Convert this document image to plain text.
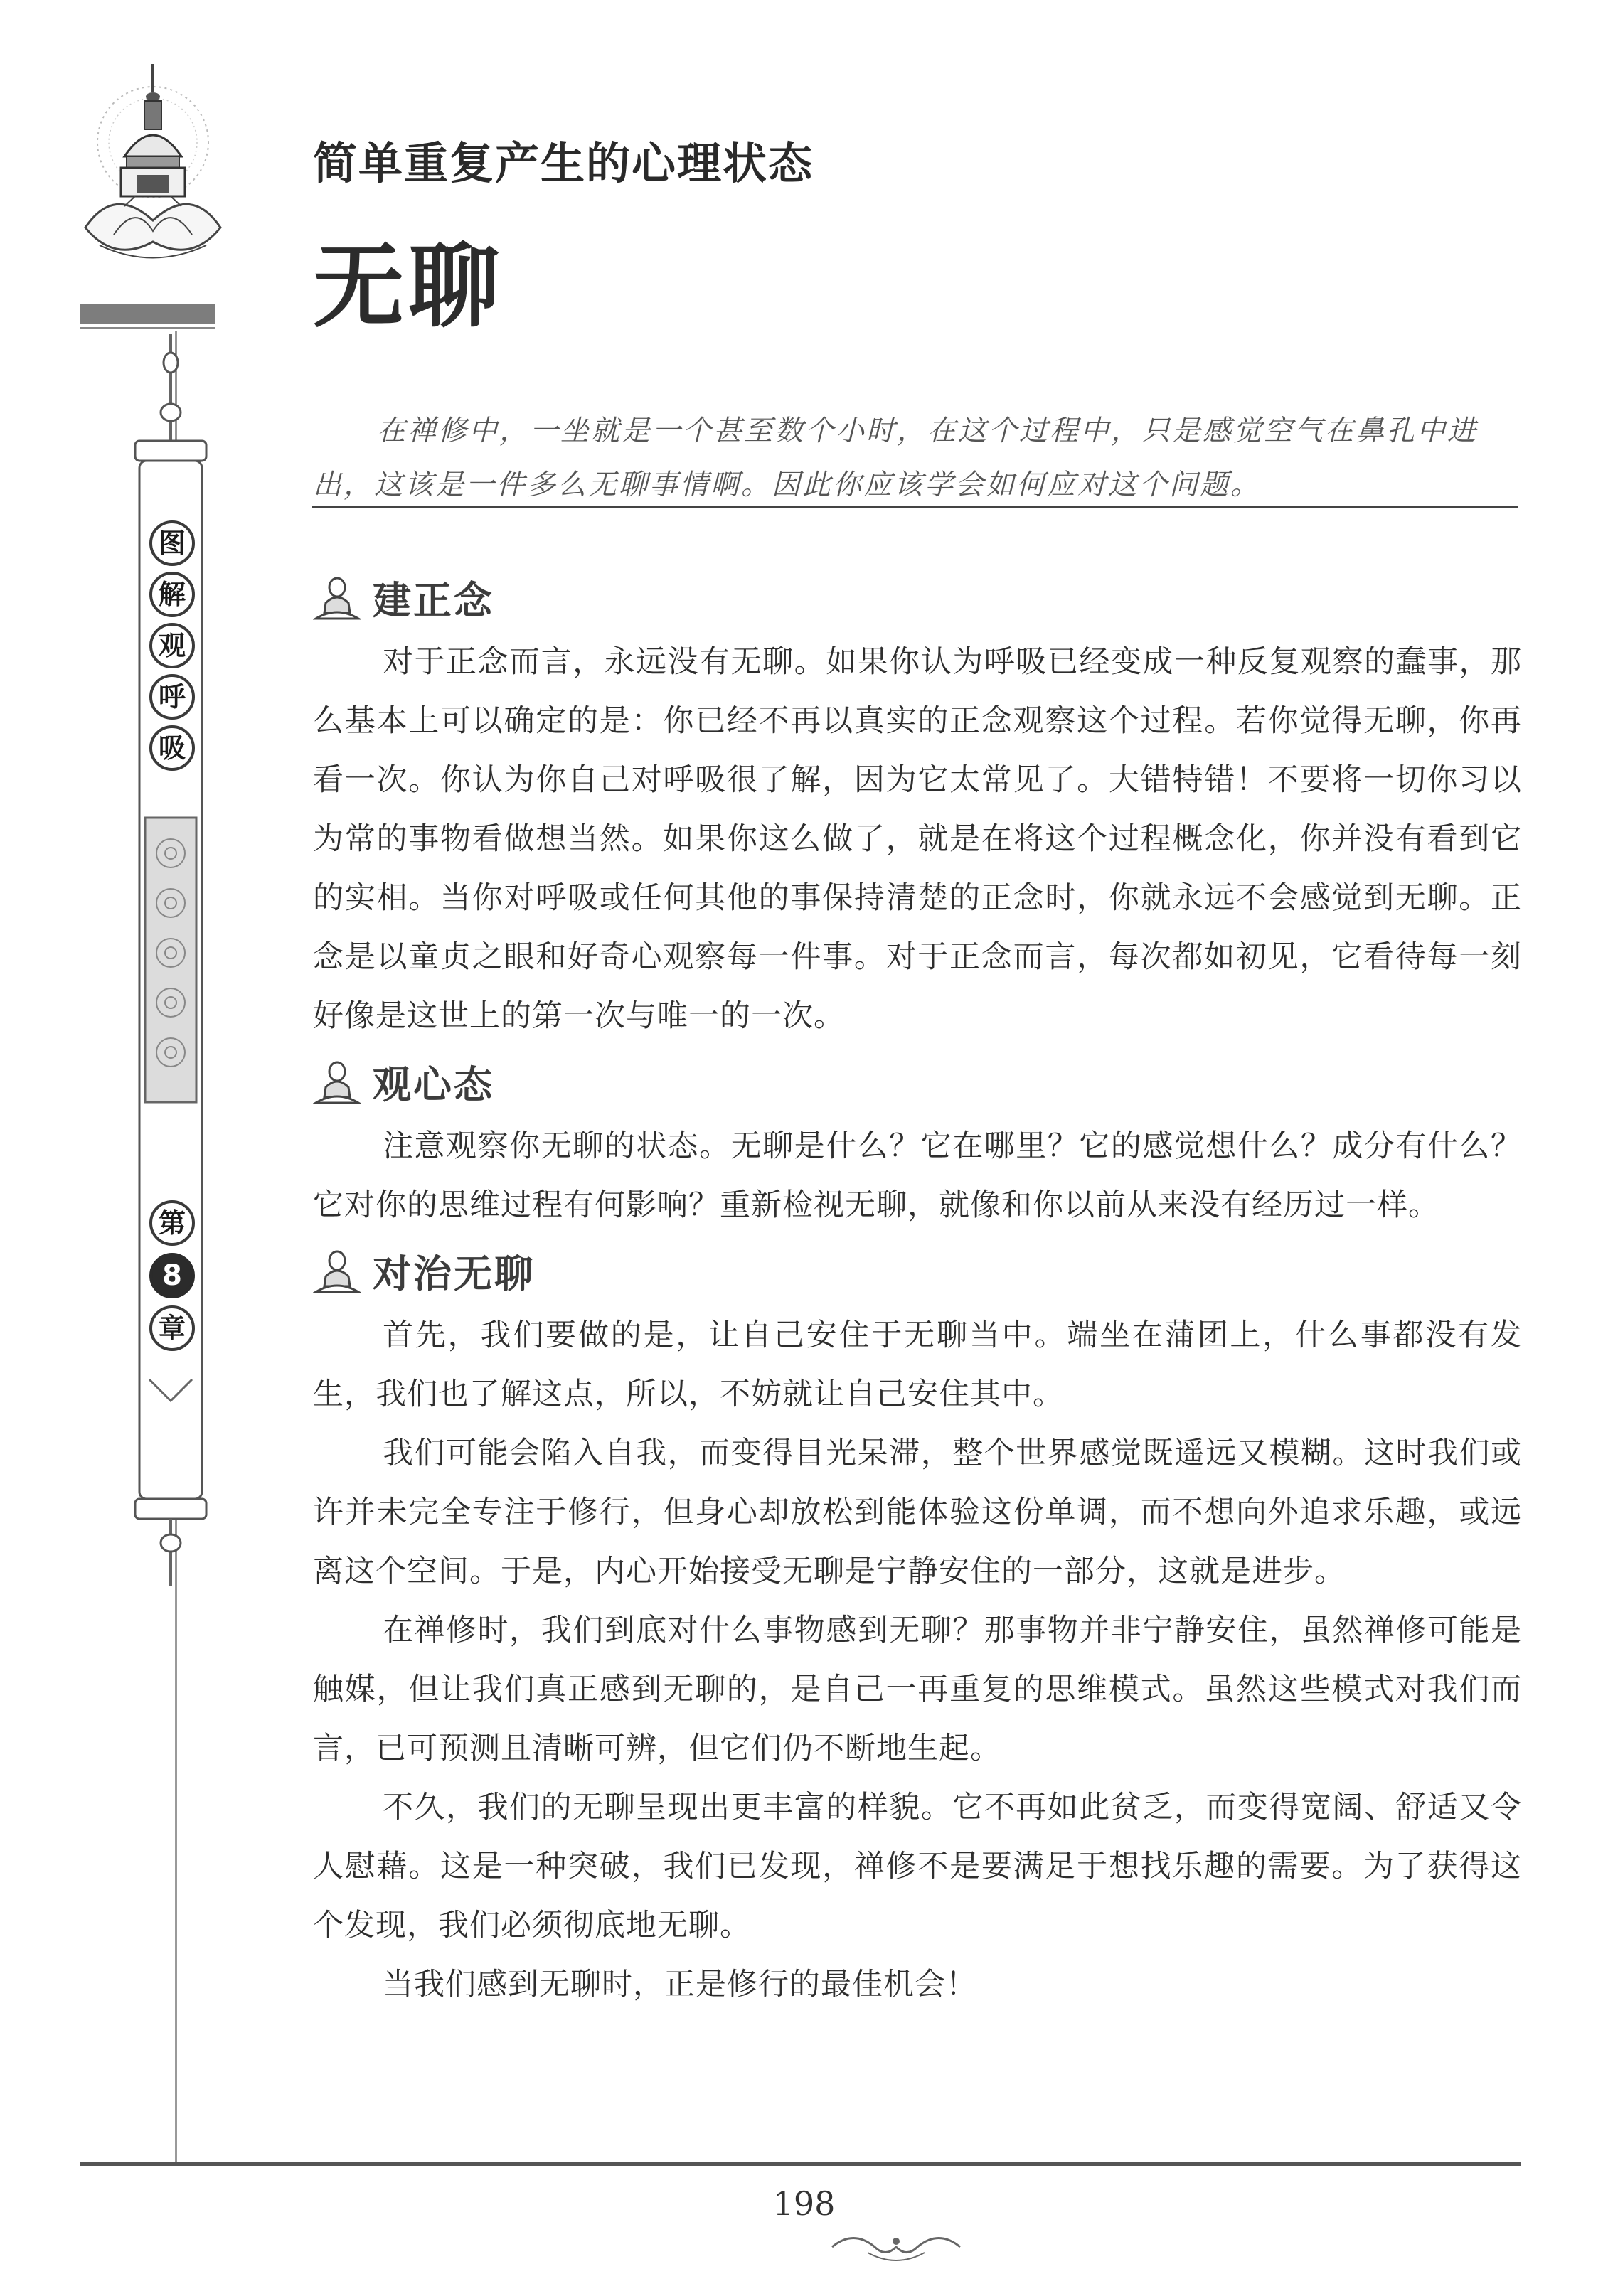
图
解
观
呼
吸
第
8
章
简单重复产生的心理状态
无聊

在禅修中，一坐就是一个甚至数个小时，在这个过程中，只是感觉空气在鼻孔中进出，这该是一件多么无聊事情啊。因此你应该学会如何应对这个问题。

建正念

对于正念而言，永远没有无聊。如果你认为呼吸已经变成一种反复观察的蠢事，那么基本上可以确定的是：你已经不再以真实的正念观察这个过程。若你觉得无聊，你再看一次。你认为你自己对呼吸很了解，因为它太常见了。大错特错！不要将一切你习以为常的事物看做想当然。如果你这么做了，就是在将这个过程概念化，你并没有看到它的实相。当你对呼吸或任何其他的事保持清楚的正念时，你就永远不会感觉到无聊。正念是以童贞之眼和好奇心观察每一件事。对于正念而言，每次都如初见，它看待每一刻好像是这世上的第一次与唯一的一次。

观心态

注意观察你无聊的状态。无聊是什么？它在哪里？它的感觉想什么？成分有什么？它对你的思维过程有何影响？重新检视无聊，就像和你以前从来没有经历过一样。

对治无聊

首先，我们要做的是，让自己安住于无聊当中。端坐在蒲团上，什么事都没有发生，我们也了解这点，所以，不妨就让自己安住其中。

我们可能会陷入自我，而变得目光呆滞，整个世界感觉既遥远又模糊。这时我们或许并未完全专注于修行，但身心却放松到能体验这份单调，而不想向外追求乐趣，或远离这个空间。于是，内心开始接受无聊是宁静安住的一部分，这就是进步。

在禅修时，我们到底对什么事物感到无聊？那事物并非宁静安住，虽然禅修可能是触媒，但让我们真正感到无聊的，是自己一再重复的思维模式。虽然这些模式对我们而言，已可预测且清晰可辨，但它们仍不断地生起。

不久，我们的无聊呈现出更丰富的样貌。它不再如此贫乏，而变得宽阔、舒适又令人慰藉。这是一种突破，我们已发现，禅修不是要满足于想找乐趣的需要。为了获得这个发现，我们必须彻底地无聊。

当我们感到无聊时，正是修行的最佳机会！

198
